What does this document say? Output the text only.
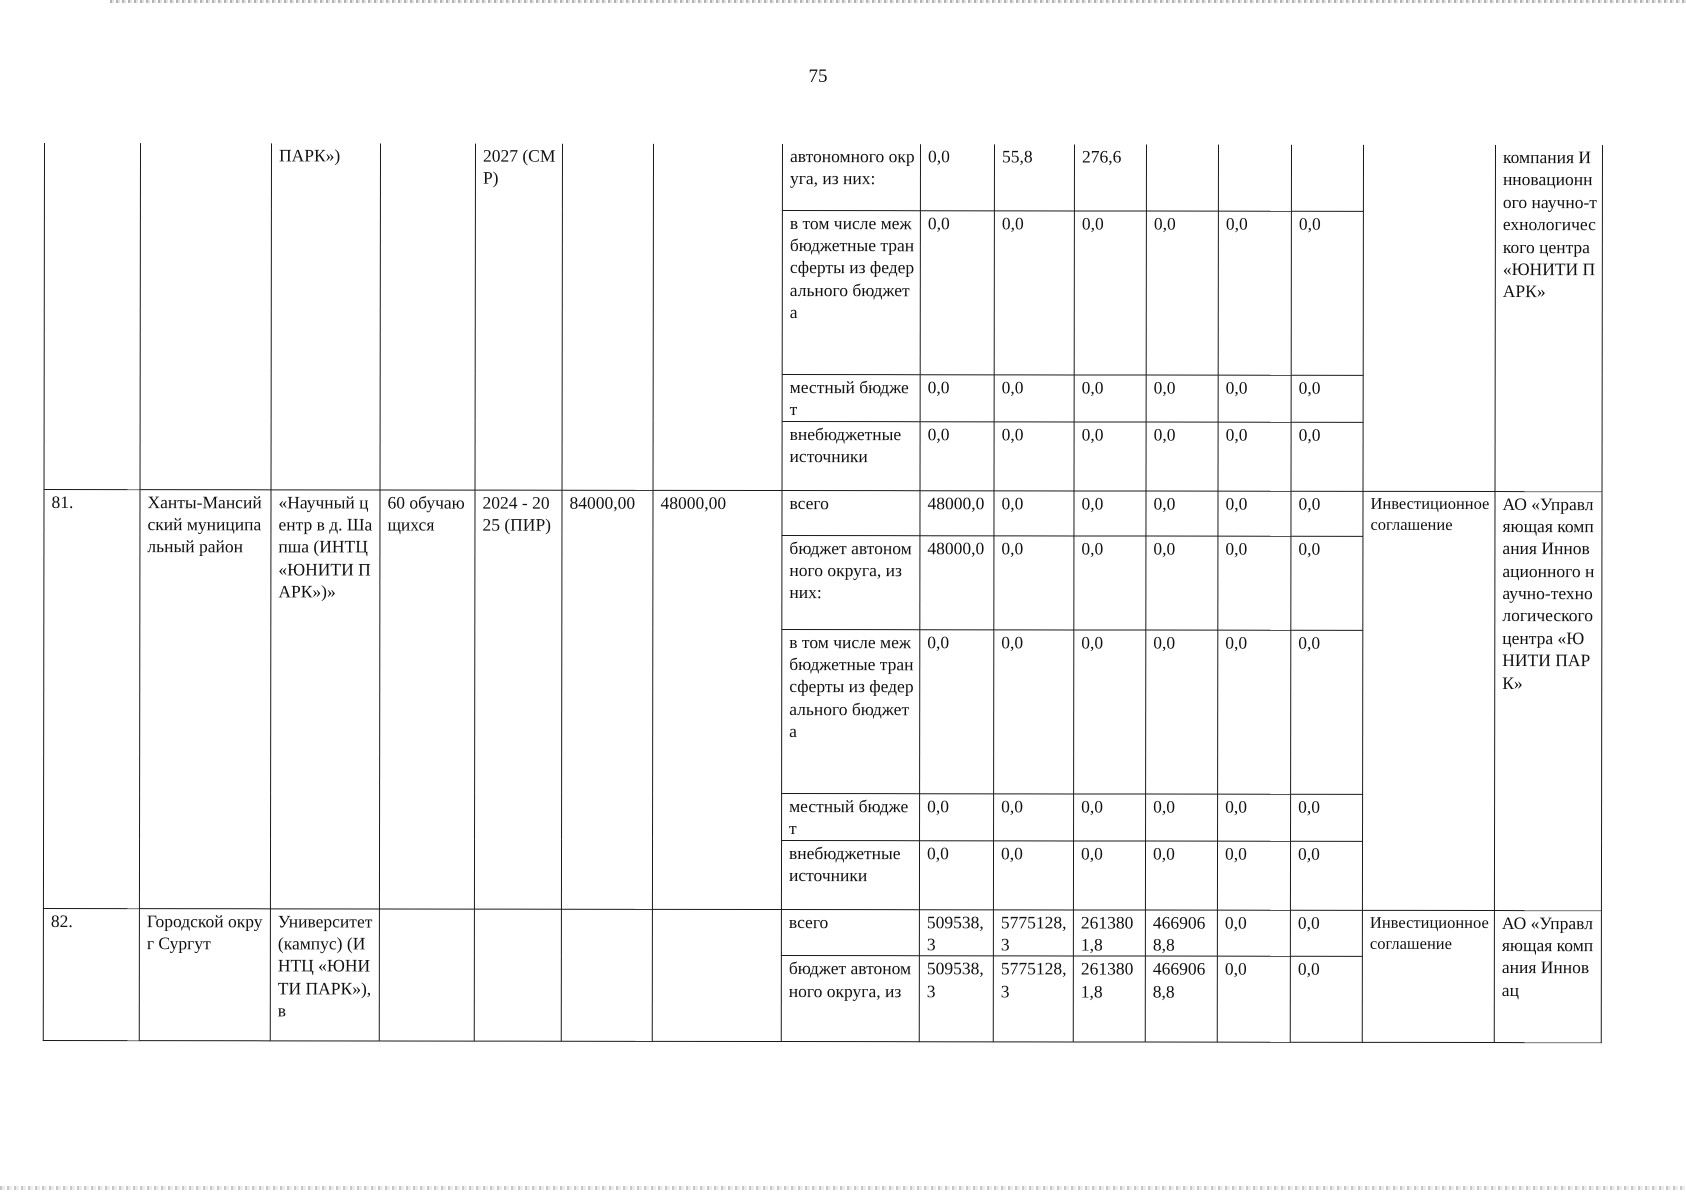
75

		ПАРК»)		2027 (СМР)			автономного округа, из них:	0,0	55,8	276,6					компания Инновационного научно-технологического центра «ЮНИТИ ПАРК»
							в том числе межбюджетные трансферты из федерального бюджета	0,0	0,0	0,0	0,0	0,0	0,0		
							местный бюджет	0,0	0,0	0,0	0,0	0,0	0,0		
							внебюджетные источники	0,0	0,0	0,0	0,0	0,0	0,0		
81.	Ханты-Мансийский муниципальный район	«Научный центр в д. Шапша (ИНТЦ «ЮНИТИ ПАРК»)»	60 обучающихся	2024 - 2025 (ПИР)	84000,00	48000,00	всего	48000,0	0,0	0,0	0,0	0,0	0,0	Инвестиционное соглашение	АО «Управляющая компания Инновационного научно-технологического центра «ЮНИТИ ПАРК»
							бюджет автономного округа, из них:	48000,0	0,0	0,0	0,0	0,0	0,0		
							в том числе межбюджетные трансферты из федерального бюджета	0,0	0,0	0,0	0,0	0,0	0,0		
							местный бюджет	0,0	0,0	0,0	0,0	0,0	0,0		
							внебюджетные источники	0,0	0,0	0,0	0,0	0,0	0,0		
82.	Городской округ Сургут	Университет (кампус) (ИНТЦ «ЮНИТИ ПАРК»), в					всего	509538,3	5775128,3	2613801,8	4669068,8	0,0	0,0	Инвестиционное соглашение	АО «Управляющая компания Инновац
							бюджет автономного округа, из	509538,3	5775128,3	2613801,8	4669068,8	0,0	0,0		
